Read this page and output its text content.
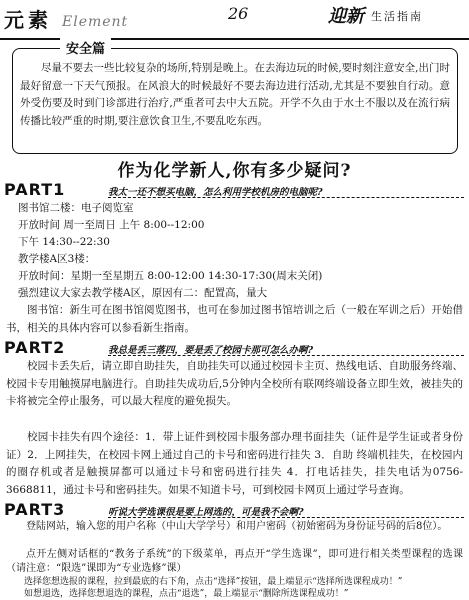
元素 Element	26	迎新 生活指南
安全篇
尽量不要去一些比较复杂的场所,特别是晚上。在去海边玩的时候,要时刻注意安全,出门时最好留意一下天气预报。在风浪大的时候最好不要去海边进行活动,尤其是不要独自行动。意外受伤要及时到门诊部进行治疗,严重者可去中大五院。开学不久由于水土不服以及在流行病传播比较严重的时期,要注意饮食卫生,不要乱吃东西。
作为化学新人,你有多少疑问?
PART1	我太一还不想买电脑，怎么利用学校机房的电脑呢?
图书馆二楼：电子阅览室
开放时间 周一至周日 上午 8:00--12:00
下午 14:30--22:30
教学楼A区3楼：
开放时间：星期一至星期五 8:00-12:00 14:30-17:30(周末关闭)
强烈建议大家去教学楼A区，原因有二：配置高，量大
图书馆：新生可在图书馆阅览图书，也可在参加过图书馆培训之后（一般在军训之后）开始借书，相关的具体内容可以参看新生指南。
PART2	我总是丢三落四，要是丢了校园卡那可怎么办啊?
校园卡丢失后，请立即自助挂失，自助挂失可以通过校园卡主页、热线电话、自助服务终端、校园卡专用触摸屏电脑进行。自助挂失成功后,5分钟内全校所有联网终端设备立即生效，被挂失的卡将被完全停止服务，可以最大程度的避免损失。
校园卡挂失有四个途径：1．带上证件到校园卡服务部办理书面挂失（证件是学生证或者身份证）2．上网挂失，在校园卡网上通过自己的卡号和密码进行挂失 3．自助 终端机挂失，在校园内的圈存机或者是触摸屏都可以通过卡号和密码进行挂失 4．打电话挂失，挂失电话为0756-3668811，通过卡号和密码挂失。如果不知道卡号，可到校园卡网页上通过学号查询。
PART3	听说大学选课很是要上网选的，可是我不会啊?
登陆网站，输入您的用户名称（中山大学学号）和用户密码（初始密码为身份证号码的后8位）。
点开左侧对话框的“教务子系统”的下级菜单，再点开“学生选课”，即可进行相关类型课程的选课（请注意：“限选”课即为“专业选修”课）
选择您想选报的课程，拉到最底的右下角，点击“选择”按钮，最上端显示“选择所选课程成功！”
如想退选，选择您想退选的课程，点击“退选”，最上端显示“删除所选课程成功！”
